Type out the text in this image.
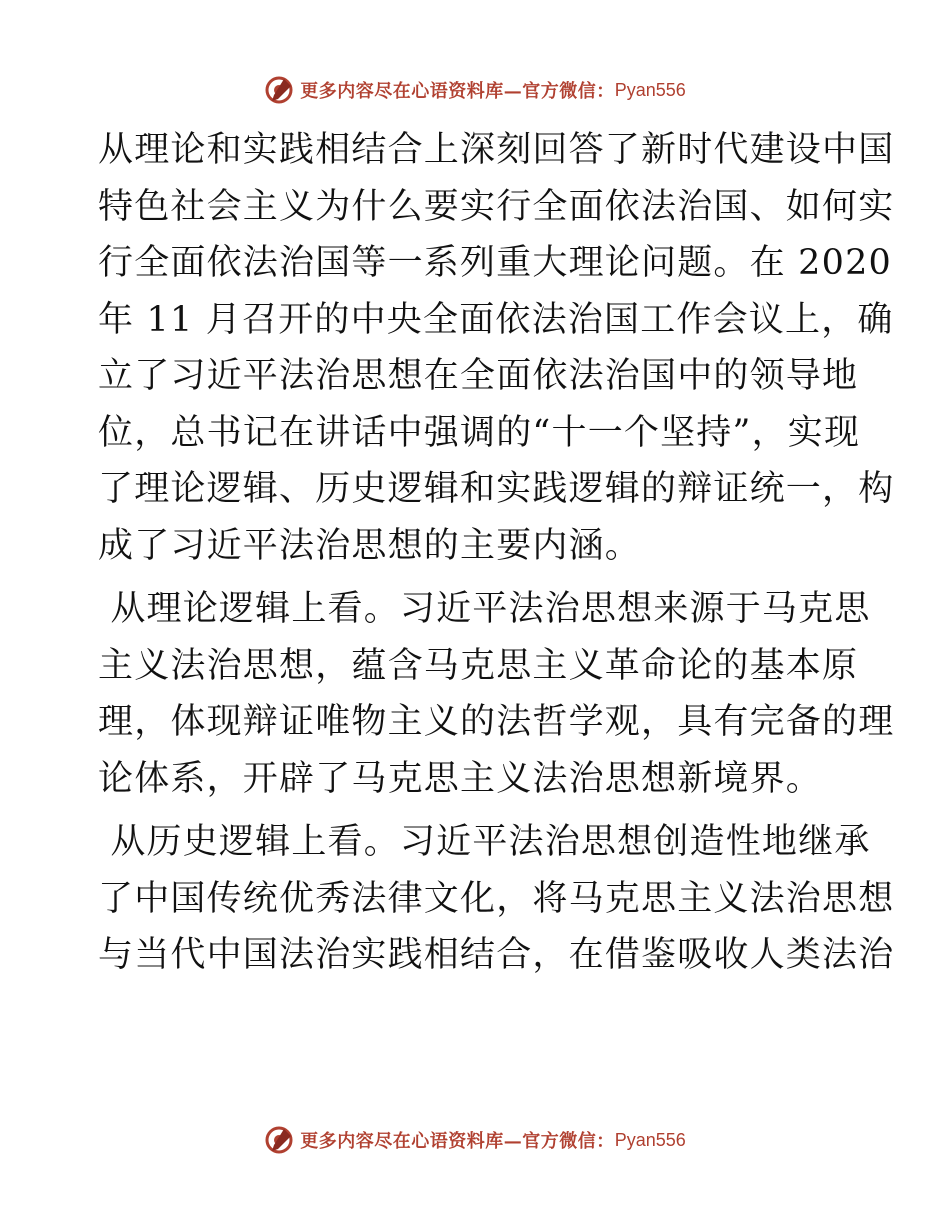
更多内容尽在心语资料库—官方微信： Pyan556
从理论和实践相结合上深刻回答了新时代建设中国
特色社会主义为什么要实行全面依法治国、如何实
行全面依法治国等一系列重大理论问题。在 2020
年 11 月召开的中央全面依法治国工作会议上，确
立了习近平法治思想在全面依法治国中的领导地
位，总书记在讲话中强调的“十一个坚持”，实现
了理论逻辑、历史逻辑和实践逻辑的辩证统一，构
成了习近平法治思想的主要内涵。
从理论逻辑上看。习近平法治思想来源于马克思
主义法治思想，蕴含马克思主义革命论的基本原
理，体现辩证唯物主义的法哲学观，具有完备的理
论体系，开辟了马克思主义法治思想新境界。
从历史逻辑上看。习近平法治思想创造性地继承
了中国传统优秀法律文化，将马克思主义法治思想
与当代中国法治实践相结合，在借鉴吸收人类法治
更多内容尽在心语资料库—官方微信： Pyan556
